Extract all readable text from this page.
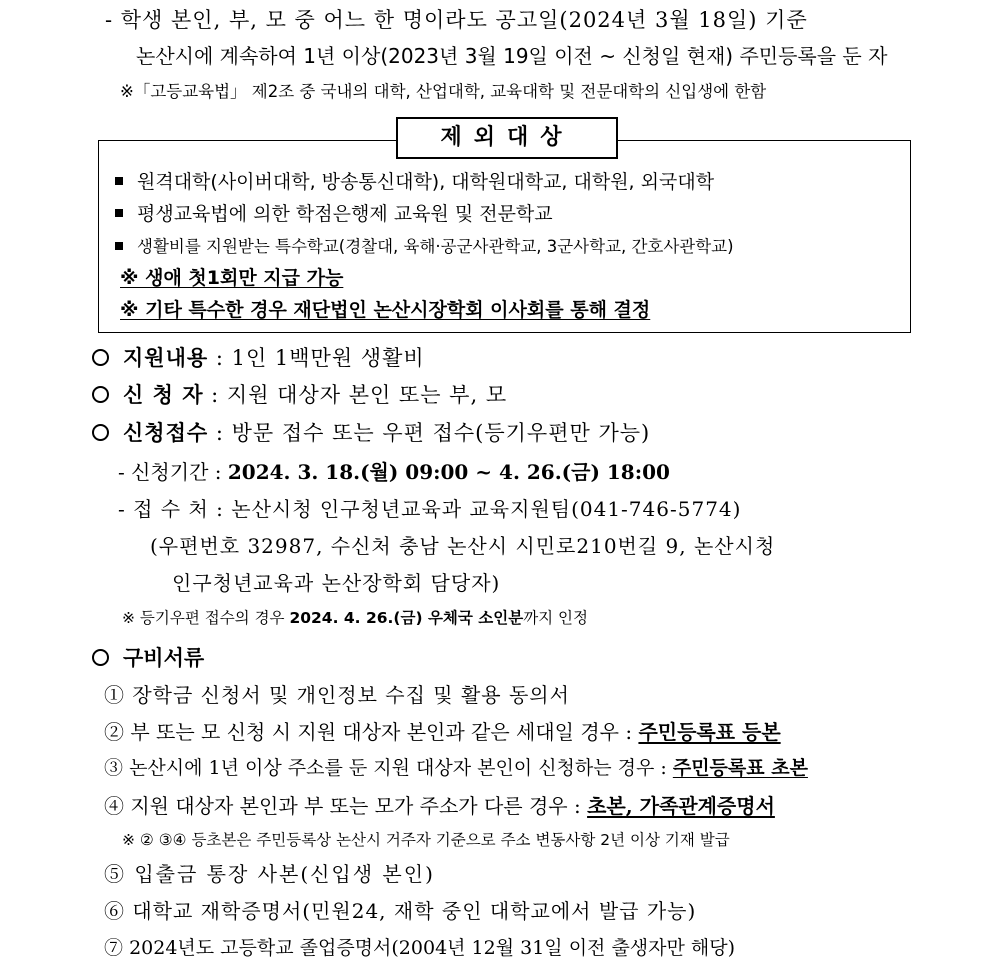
- 학생 본인, 부, 모 중 어느 한 명이라도 공고일(2024년 3월 18일) 기준
논산시에 계속하여 1년 이상(2023년 3월 19일 이전 ~ 신청일 현재) 주민등록을 둔 자
※「고등교육법」 제2조 중 국내의 대학, 산업대학, 교육대학 및 전문대학의 신입생에 한함
제외대상
원격대학(사이버대학, 방송통신대학), 대학원대학교, 대학원, 외국대학
평생교육법에 의한 학점은행제 교육원 및 전문학교
생활비를 지원받는 특수학교(경찰대, 육해·공군사관학교, 3군사학교, 간호사관학교)
※ 생애 첫1회만 지급 가능
※ 기타 특수한 경우 재단법인 논산시장학회 이사회를 통해 결정
지원내용 : 1인 1백만원 생활비
신 청 자 : 지원 대상자 본인 또는 부, 모
신청접수 : 방문 접수 또는 우편 접수(등기우편만 가능)
- 신청기간 : 2024. 3. 18.(월) 09:00 ~ 4. 26.(금) 18:00
- 접 수 처 : 논산시청 인구청년교육과 교육지원팀(041-746-5774)
(우편번호 32987, 수신처 충남 논산시 시민로210번길 9, 논산시청
인구청년교육과 논산장학회 담당자)
※ 등기우편 접수의 경우 2024. 4. 26.(금) 우체국 소인분까지 인정
구비서류
① 장학금 신청서 및 개인정보 수집 및 활용 동의서
② 부 또는 모 신청 시 지원 대상자 본인과 같은 세대일 경우 : 주민등록표 등본
③ 논산시에 1년 이상 주소를 둔 지원 대상자 본인이 신청하는 경우 : 주민등록표 초본
④ 지원 대상자 본인과 부 또는 모가 주소가 다른 경우 : 초본, 가족관계증명서
※ ② ③④ 등초본은 주민등록상 논산시 거주자 기준으로 주소 변동사항 2년 이상 기재 발급
⑤ 입출금 통장 사본(신입생 본인)
⑥ 대학교 재학증명서(민원24, 재학 중인 대학교에서 발급 가능)
⑦ 2024년도 고등학교 졸업증명서(2004년 12월 31일 이전 출생자만 해당)
